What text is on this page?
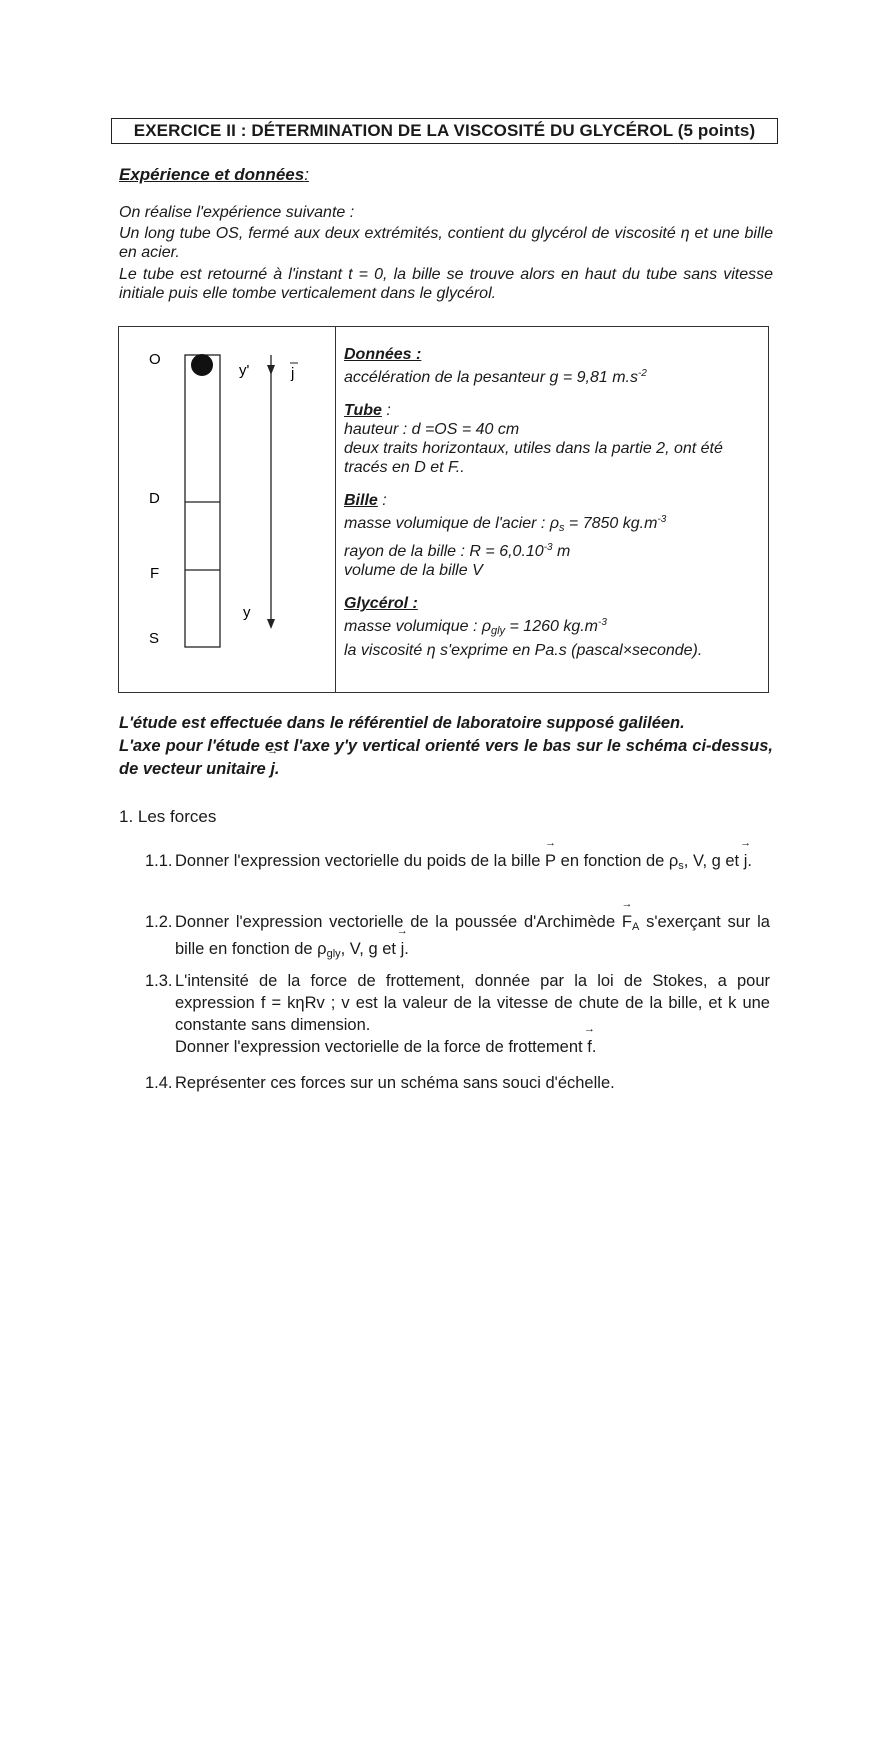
EXERCICE II : DÉTERMINATION DE LA VISCOSITÉ DU GLYCÉROL (5 points)
Expérience et données:

On réalise l'expérience suivante :

Un long tube OS, fermé aux deux extrémités, contient du glycérol de viscosité η et une bille en acier.

Le tube est retourné à l'instant t = 0, la bille se trouve alors en haut du tube sans vitesse initiale puis elle tombe verticalement dans le glycérol.

O
D
F
S
y'	j
y
Données :
accélération de la pesanteur g = 9,81 $m.s^{-2}$
Tube :
hauteur : d =OS = 40 cm
deux traits horizontaux, utiles dans la partie 2, ont été tracés en D et F..
Bille :
masse volumique de l'acier : $\rho_s = 7850$ $kg.m^{-3}$
rayon de la bille : $R = 6,0.10^{-3}$ m
volume de la bille V
Glycérol :
masse volumique : $\rho_{gly} = 1260$ $kg.m^{-3}$
la viscosité η s'exprime en Pa.s (pascal×seconde).

L'étude est effectuée dans le référentiel de laboratoire supposé galiléen.

L'axe pour l'étude est l'axe y'y vertical orienté vers le bas sur le schéma ci-dessus, de vecteur unitaire → j.

1. Les forces
1.1. Donner l'expression vectorielle du poids de la bille → P en fonction de $\rho_s$, V, g et → j.
1.2. Donner l'expression vectorielle de la poussée d'Archimède → $F_A$ s'exerçant sur la bille en fonction de $\rho_{gly}$, V, g et → j.
1.3. L'intensité de la force de frottement, donnée par la loi de Stokes, a pour expression f = kηRv ; v est la valeur de la vitesse de chute de la bille, et k une constante sans dimension.
Donner l'expression vectorielle de la force de frottement → f.
1.4. Représenter ces forces sur un schéma sans souci d'échelle.
